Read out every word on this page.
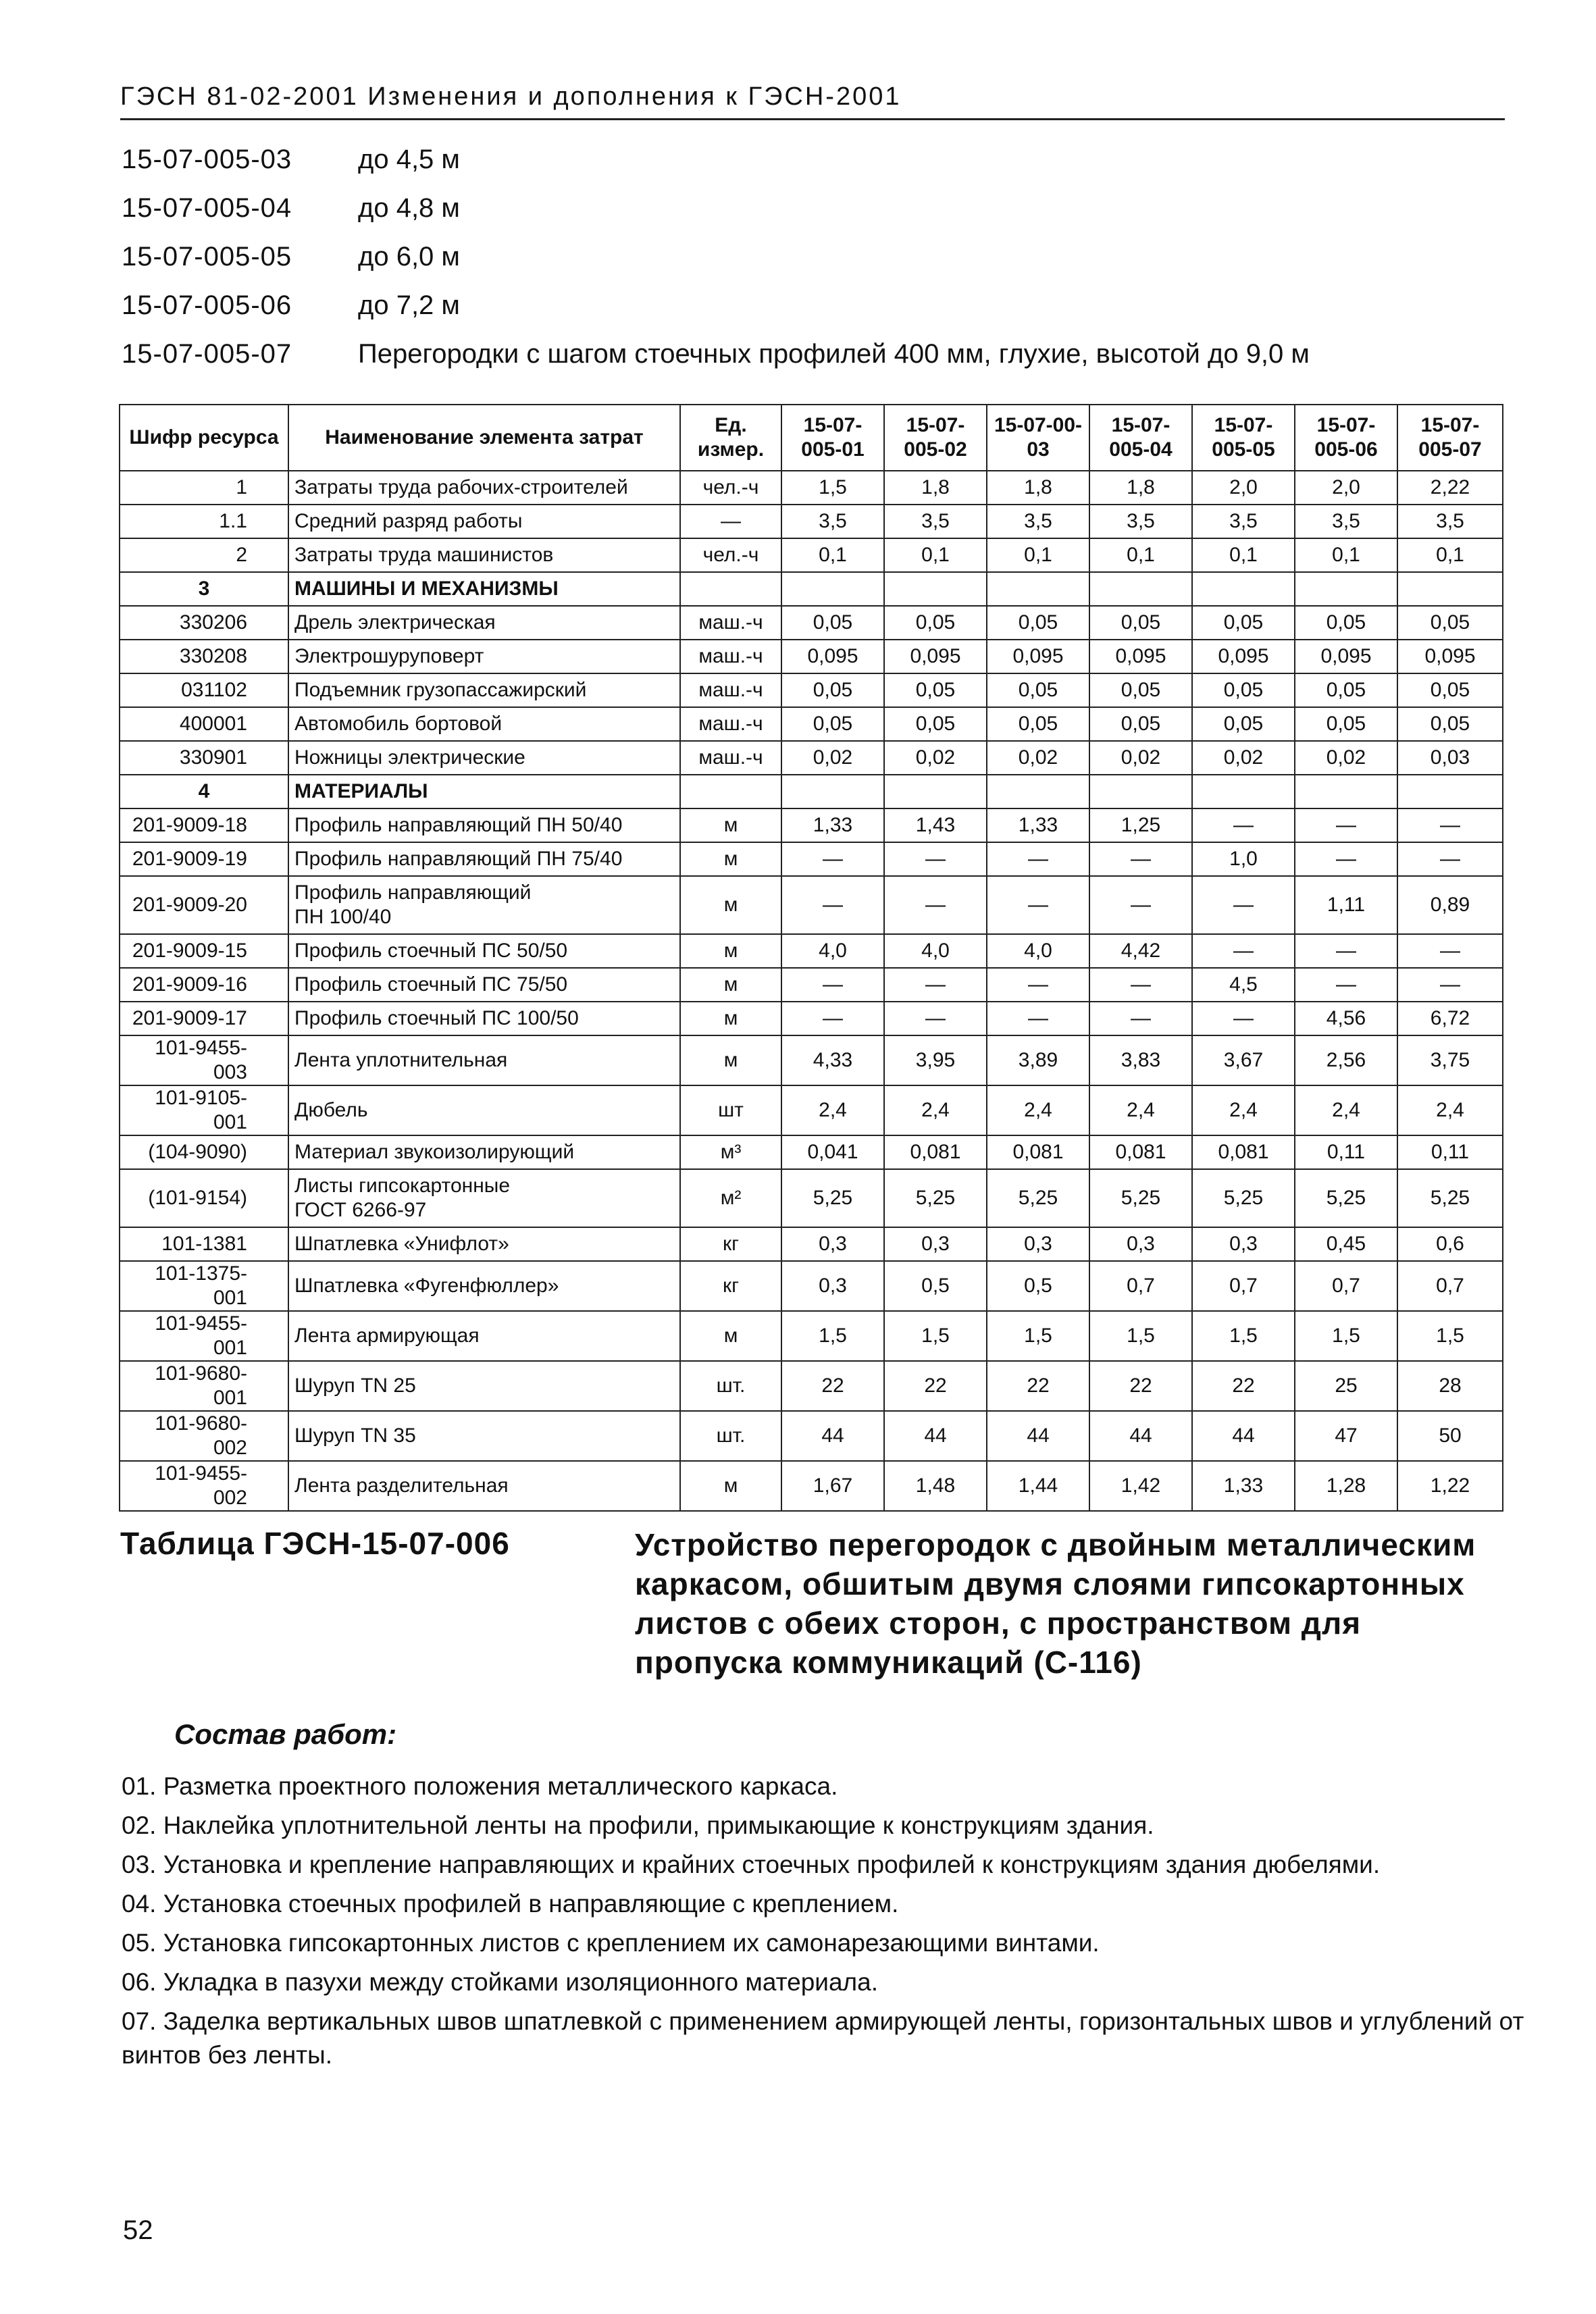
ГЭСН 81-02-2001 Изменения и дополнения к ГЭСН-2001
15-07-005-03	до 4,5 м
15-07-005-04	до 4,8 м
15-07-005-05	до 6,0 м
15-07-005-06	до 7,2 м
15-07-005-07	Перегородки с шагом стоечных профилей 400 мм, глухие, высотой до 9,0 м
Шифр ресурса	Наименование элемента затрат	Ед. измер.	15-07-005-01	15-07-005-02	15-07-00-03	15-07-005-04	15-07-005-05	15-07-005-06	15-07-005-07
1	Затраты труда рабочих-строителей	чел.-ч	1,5	1,8	1,8	1,8	2,0	2,0	2,22
1.1	Средний разряд работы	—	3,5	3,5	3,5	3,5	3,5	3,5	3,5
2	Затраты труда машинистов	чел.-ч	0,1	0,1	0,1	0,1	0,1	0,1	0,1
3	МАШИНЫ И МЕХАНИЗМЫ								
330206	Дрель электрическая	маш.-ч	0,05	0,05	0,05	0,05	0,05	0,05	0,05
330208	Электрошуруповерт	маш.-ч	0,095	0,095	0,095	0,095	0,095	0,095	0,095
031102	Подъемник грузопассажирский	маш.-ч	0,05	0,05	0,05	0,05	0,05	0,05	0,05
400001	Автомобиль бортовой	маш.-ч	0,05	0,05	0,05	0,05	0,05	0,05	0,05
330901	Ножницы электрические	маш.-ч	0,02	0,02	0,02	0,02	0,02	0,02	0,03
4	МАТЕРИАЛЫ								
201-9009-18	Профиль направляющий ПН 50/40	м	1,33	1,43	1,33	1,25	—	—	—
201-9009-19	Профиль направляющий ПН 75/40	м	—	—	—	—	1,0	—	—
201-9009-20	Профиль направляющий
ПН 100/40	м	—	—	—	—	—	1,11	0,89
201-9009-15	Профиль стоечный ПС 50/50	м	4,0	4,0	4,0	4,42	—	—	—
201-9009-16	Профиль стоечный ПС 75/50	м	—	—	—	—	4,5	—	—
201-9009-17	Профиль стоечный ПС 100/50	м	—	—	—	—	—	4,56	6,72
101-9455-003	Лента уплотнительная	м	4,33	3,95	3,89	3,83	3,67	2,56	3,75
101-9105-001	Дюбель	шт	2,4	2,4	2,4	2,4	2,4	2,4	2,4
(104-9090)	Материал звукоизолирующий	м³	0,041	0,081	0,081	0,081	0,081	0,11	0,11
(101-9154)	Листы гипсокартонные
ГОСТ 6266-97	м²	5,25	5,25	5,25	5,25	5,25	5,25	5,25
101-1381	Шпатлевка «Унифлот»	кг	0,3	0,3	0,3	0,3	0,3	0,45	0,6
101-1375-001	Шпатлевка «Фугенфюллер»	кг	0,3	0,5	0,5	0,7	0,7	0,7	0,7
101-9455-001	Лента армирующая	м	1,5	1,5	1,5	1,5	1,5	1,5	1,5
101-9680-001	Шуруп TN 25	шт.	22	22	22	22	22	25	28
101-9680-002	Шуруп TN 35	шт.	44	44	44	44	44	47	50
101-9455-002	Лента разделительная	м	1,67	1,48	1,44	1,42	1,33	1,28	1,22
Таблица ГЭСН-15-07-006	Устройство перегородок с двойным металлическим каркасом, обшитым двумя слоями гипсокартонных листов с обеих сторон, с пространством для пропуска коммуникаций (С-116)
Состав работ:
01. Разметка проектного положения металлического каркаса.
02. Наклейка уплотнительной ленты на профили, примыкающие к конструкциям здания.
03. Установка и крепление направляющих и крайних стоечных профилей к конструкциям здания дюбелями.
04. Установка стоечных профилей в направляющие с креплением.
05. Установка гипсокартонных листов с креплением их самонарезающими винтами.
06. Укладка в пазухи между стойками изоляционного материала.
07. Заделка вертикальных швов шпатлевкой с применением армирующей ленты, горизонтальных швов и углублений от винтов без ленты.
52
